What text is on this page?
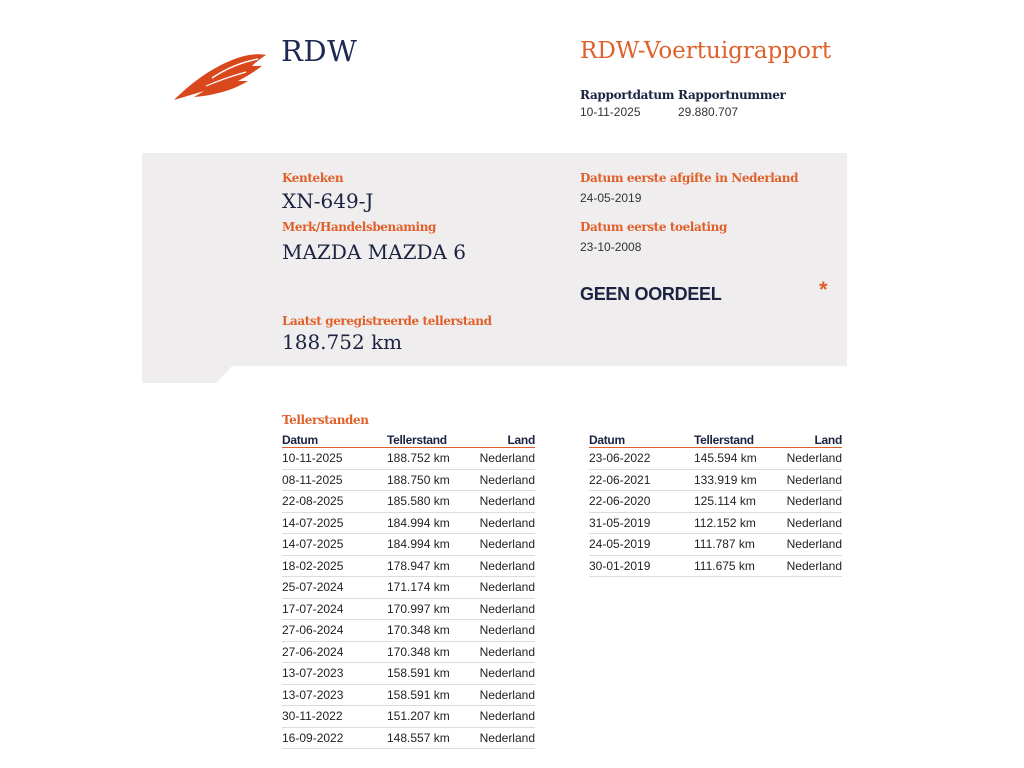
RDW	RDW-Voertuigrapport
Rapportdatum
10-11-2025
Rapportnummer
29.880.707
Kenteken
XN-649-J
Merk/Handelsbenaming
MAZDA MAZDA 6
Datum eerste afgifte in Nederland
24-05-2019
Datum eerste toelating
23-10-2008
GEEN OORDEEL	*
Laatst geregistreerde tellerstand
188.752 km
Tellerstanden
Datum	Tellerstand	Land
10-11-2025	188.752 km	Nederland
08-11-2025	188.750 km	Nederland
22-08-2025	185.580 km	Nederland
14-07-2025	184.994 km	Nederland
14-07-2025	184.994 km	Nederland
18-02-2025	178.947 km	Nederland
25-07-2024	171.174 km	Nederland
17-07-2024	170.997 km	Nederland
27-06-2024	170.348 km	Nederland
27-06-2024	170.348 km	Nederland
13-07-2023	158.591 km	Nederland
13-07-2023	158.591 km	Nederland
30-11-2022	151.207 km	Nederland
16-09-2022	148.557 km	Nederland
Datum	Tellerstand	Land
23-06-2022	145.594 km	Nederland
22-06-2021	133.919 km	Nederland
22-06-2020	125.114 km	Nederland
31-05-2019	112.152 km	Nederland
24-05-2019	111.787 km	Nederland
30-01-2019	111.675 km	Nederland
